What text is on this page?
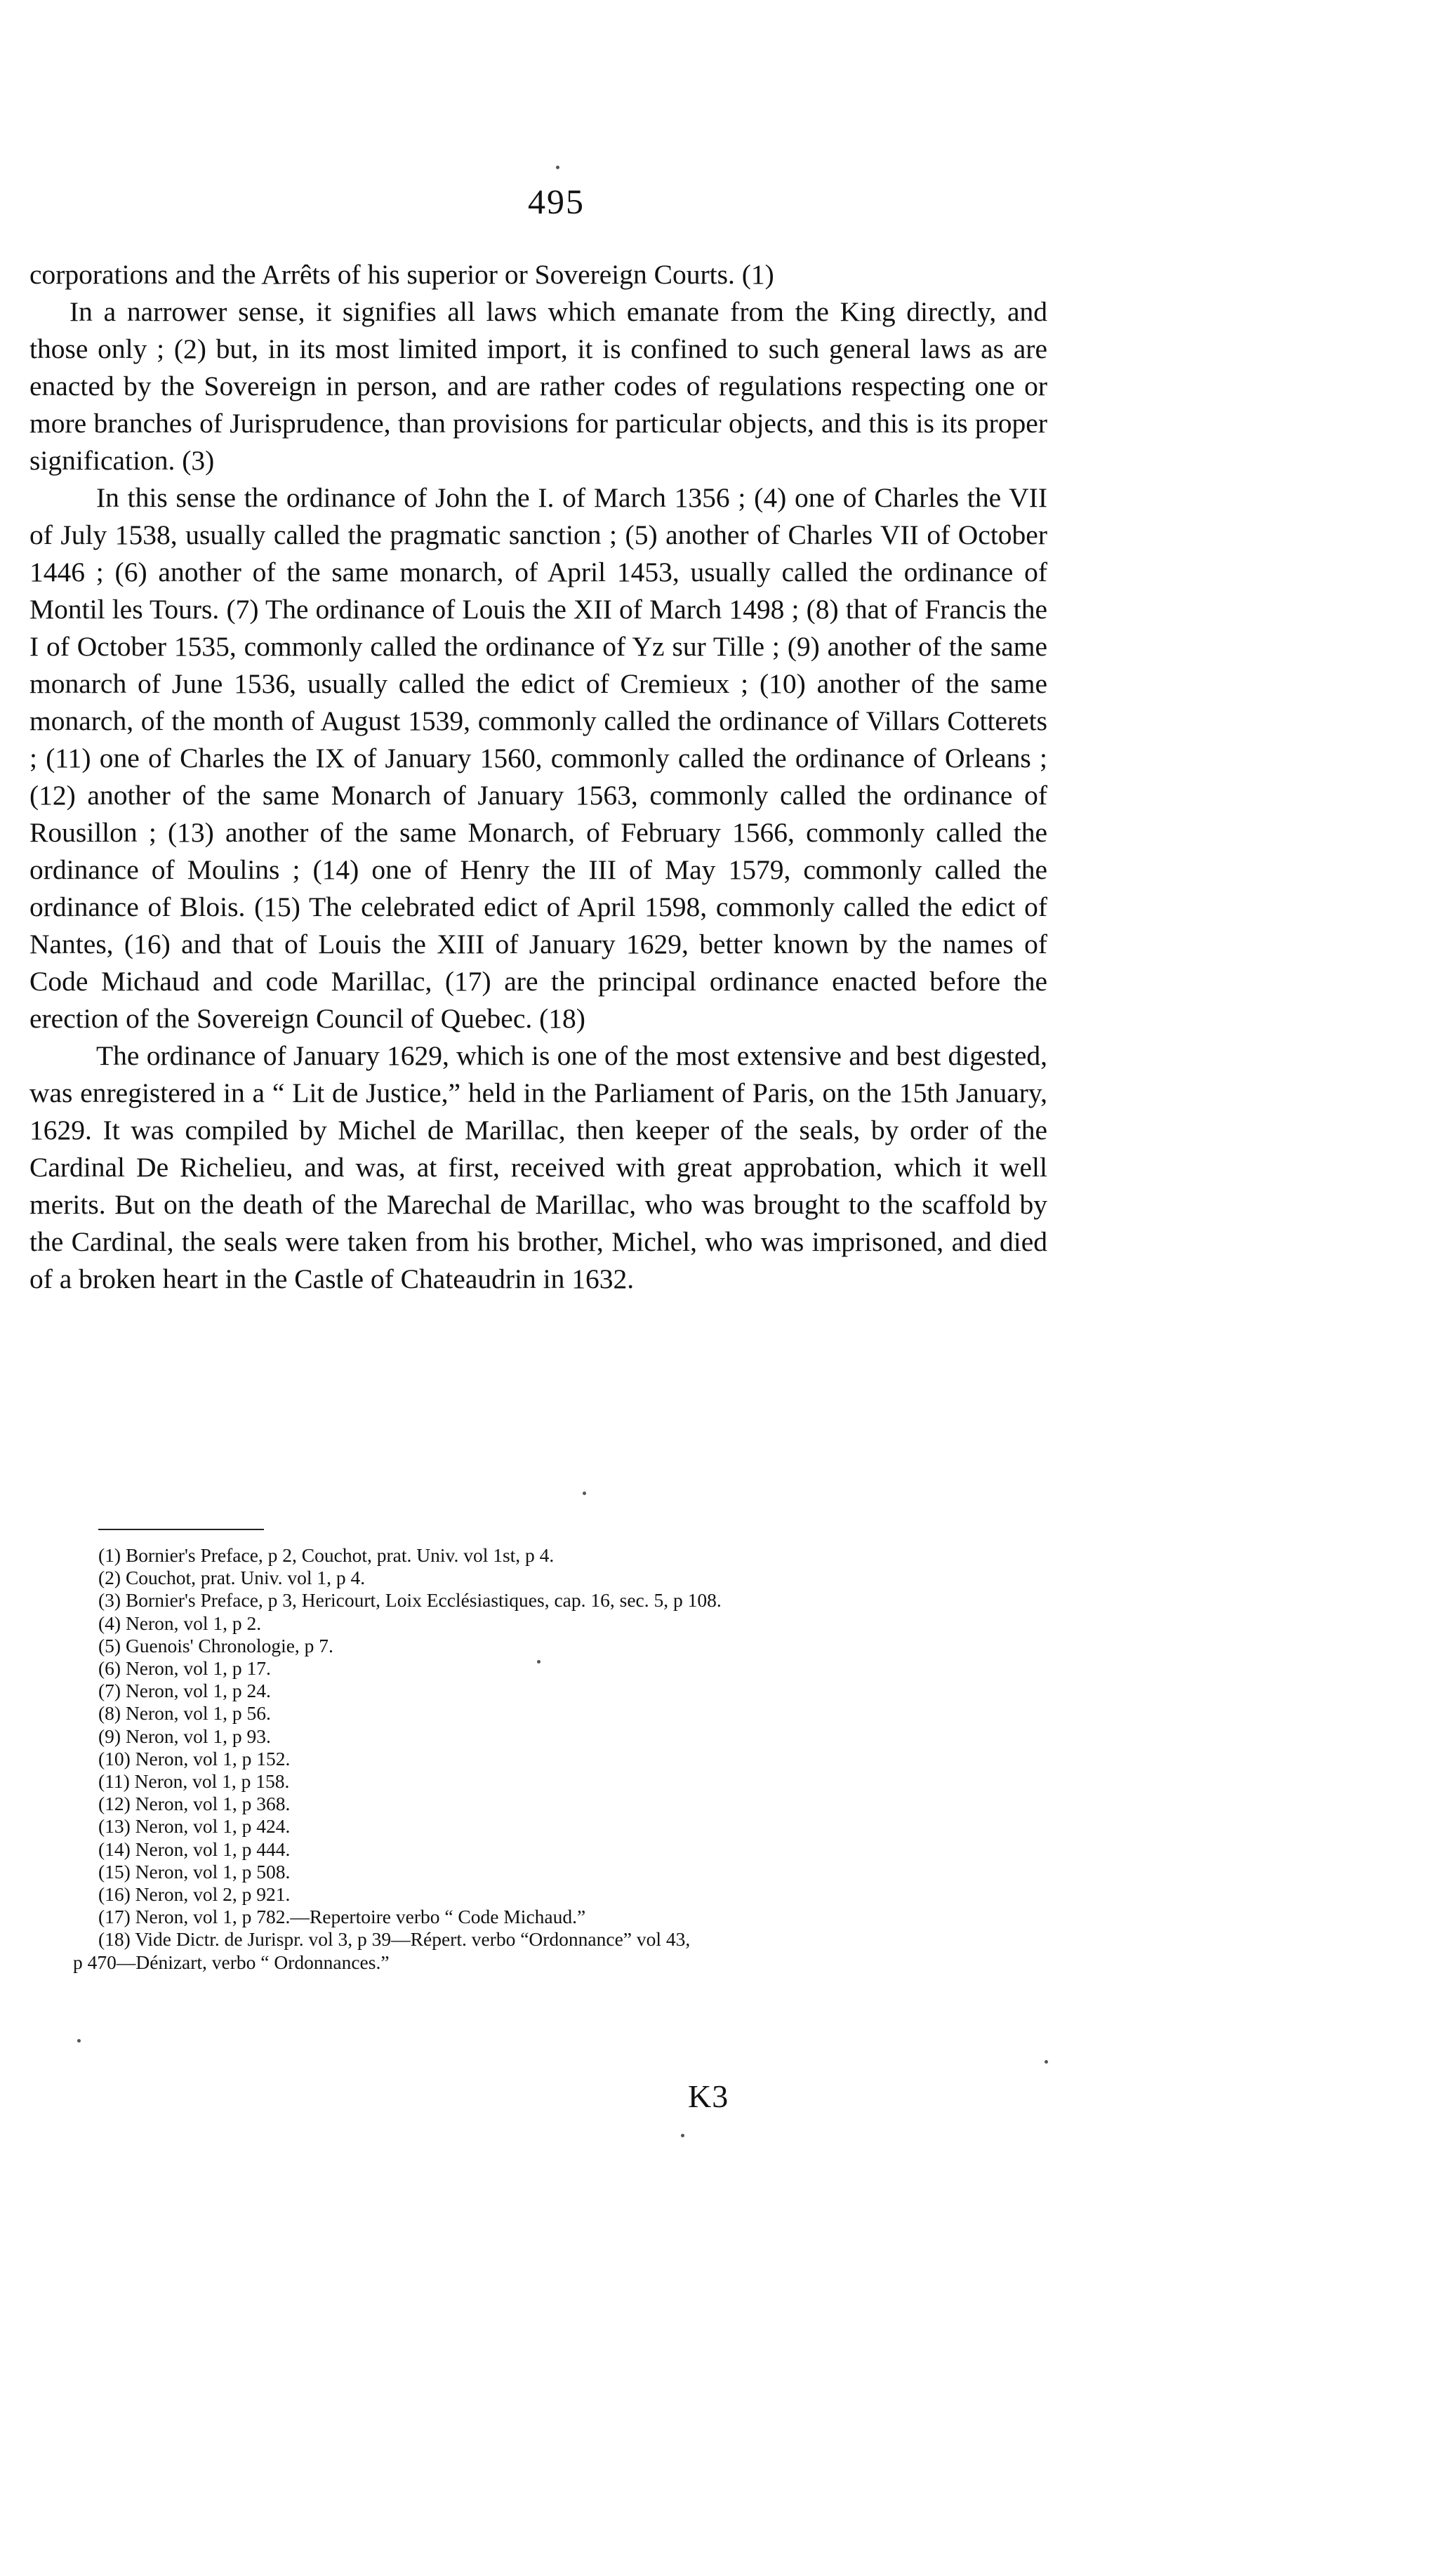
495

corporations and the Arrêts of his superior or Sovereign Courts. (1)

In a narrower sense, it signifies all laws which emanate from the King directly, and those only ; (2) but, in its most limited import, it is confined to such general laws as are enacted by the Sovereign in person, and are rather codes of regulations respecting one or more branches of Jurisprudence, than provisions for particular objects, and this is its proper signification. (3)

In this sense the ordinance of John the I. of March 1356 ; (4) one of Charles the VII of July 1538, usually called the pragmatic sanction ; (5) another of Charles VII of October 1446 ; (6) another of the same monarch, of April 1453, usually called the ordinance of Montil les Tours. (7) The ordinance of Louis the XII of March 1498 ; (8) that of Francis the I of October 1535, commonly called the ordinance of Yz sur Tille ; (9) another of the same monarch of June 1536, usually called the edict of Cremieux ; (10) another of the same monarch, of the month of August 1539, commonly called the ordinance of Villars Cotterets ; (11) one of Charles the IX of January 1560, commonly called the ordinance of Orleans ; (12) another of the same Monarch of January 1563, commonly called the ordinance of Rousillon ; (13) another of the same Monarch, of February 1566, commonly called the ordinance of Moulins ; (14) one of Henry the III of May 1579, commonly called the ordinance of Blois. (15) The celebrated edict of April 1598, commonly called the edict of Nantes, (16) and that of Louis the XIII of January 1629, better known by the names of Code Michaud and code Marillac, (17) are the principal ordinance enacted before the erection of the Sovereign Council of Quebec. (18)

The ordinance of January 1629, which is one of the most extensive and best digested, was enregistered in a “ Lit de Justice,” held in the Parliament of Paris, on the 15th January, 1629. It was compiled by Michel de Marillac, then keeper of the seals, by order of the Cardinal De Richelieu, and was, at first, received with great approbation, which it well merits. But on the death of the Marechal de Marillac, who was brought to the scaffold by the Cardinal, the seals were taken from his brother, Michel, who was imprisoned, and died of a broken heart in the Castle of Chateaudrin in 1632.

(1) Bornier's Preface, p 2, Couchot, prat. Univ. vol 1st, p 4.
(2) Couchot, prat. Univ. vol 1, p 4.
(3) Bornier's Preface, p 3, Hericourt, Loix Ecclésiastiques, cap. 16, sec. 5, p 108.
(4) Neron, vol 1, p 2.
(5) Guenois' Chronologie, p 7.
(6) Neron, vol 1, p 17.
(7) Neron, vol 1, p 24.
(8) Neron, vol 1, p 56.
(9) Neron, vol 1, p 93.
(10) Neron, vol 1, p 152.
(11) Neron, vol 1, p 158.
(12) Neron, vol 1, p 368.
(13) Neron, vol 1, p 424.
(14) Neron, vol 1, p 444.
(15) Neron, vol 1, p 508.
(16) Neron, vol 2, p 921.
(17) Neron, vol 1, p 782.—Repertoire verbo “ Code Michaud.”
(18) Vide Dictr. de Jurispr. vol 3, p 39—Répert. verbo “Ordonnance” vol 43,
p 470—Dénizart, verbo “ Ordonnances.”
K3
